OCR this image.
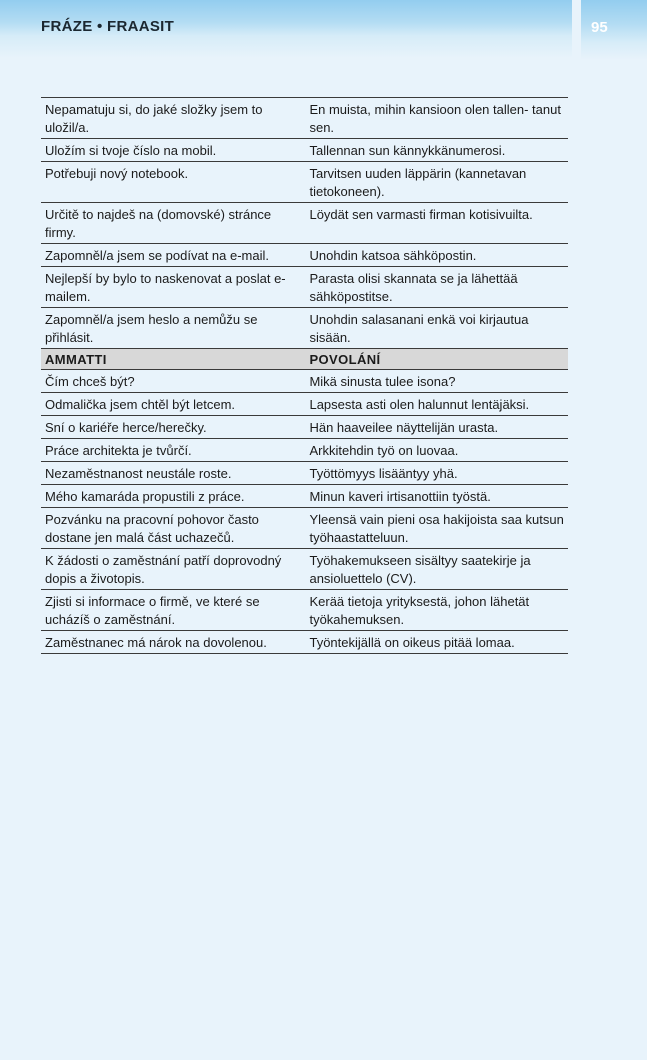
FRÁZE • FRAASIT	95
Nepamatuju si, do jaké složky jsem to uložil/a.	En muista, mihin kansioon olen tallen- tanut sen.
Uložím si tvoje číslo na mobil.	Tallennan sun kännykkänumerosi.
Potřebuji nový notebook.	Tarvitsen uuden läppärin (kannetavan tietokoneen).
Určitě to najdeš na (domovské) stránce firmy.	Löydät sen varmasti firman kotisivuilta.
Zapomněl/a jsem se podívat na e-mail.	Unohdin katsoa sähköpostin.
Nejlepší by bylo to naskenovat a poslat e-mailem.	Parasta olisi skannata se ja lähettää sähköpostitse.
Zapomněl/a jsem heslo a nemůžu se přihlásit.	Unohdin salasanani enkä voi kirjautua sisään.
AMMATTI	POVOLÁNÍ
Čím chceš být?	Mikä sinusta tulee isona?
Odmalička jsem chtěl být letcem.	Lapsesta asti olen halunnut lentäjäksi.
Sní o kariéře herce/herečky.	Hän haaveilee näyttelijän urasta.
Práce architekta je tvůrčí.	Arkkitehdin työ on luovaa.
Nezaměstnanost neustále roste.	Työttömyys lisääntyy yhä.
Mého kamaráda propustili z práce.	Minun kaveri irtisanottiin työstä.
Pozvánku na pracovní pohovor často dostane jen malá část uchazečů.	Yleensä vain pieni osa hakijoista saa kutsun työhaastatteluun.
K žádosti o zaměstnání patří doprovodný dopis a životopis.	Työhakemukseen sisältyy saatekirje ja ansioluettelo (CV).
Zjisti si informace o firmě, ve které se ucházíš o zaměstnání.	Kerää tietoja yrityksestä, johon lähetät työkahemuksen.
Zaměstnanec má nárok na dovolenou.	Työntekijällä on oikeus pitää lomaa.
